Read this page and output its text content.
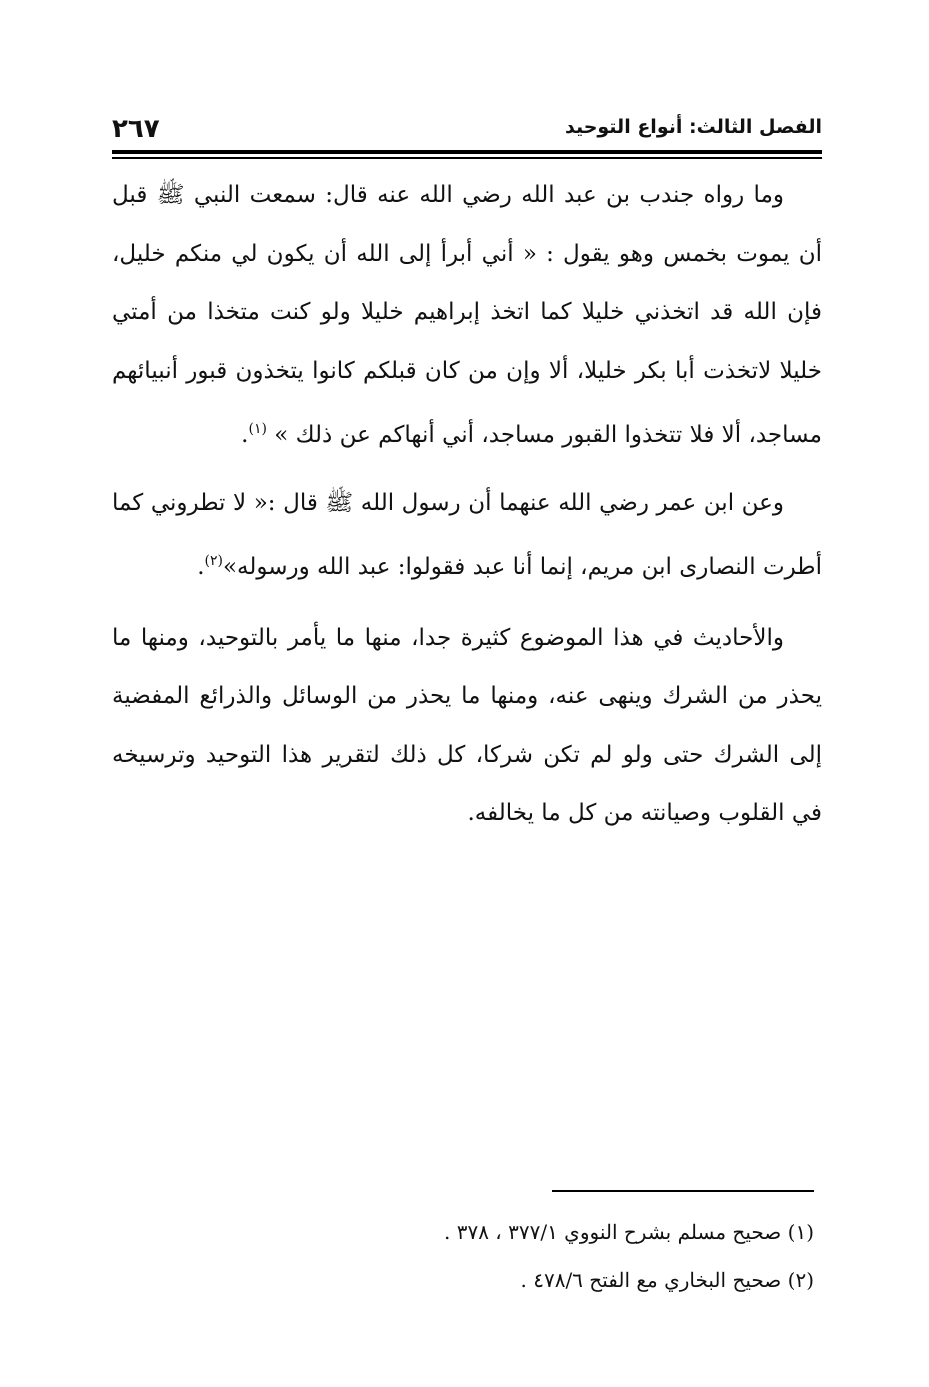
الفصل الثالث: أنواع التوحيد
٢٦٧

وما رواه جندب بن عبد الله رضي الله عنه قال: سمعت النبي ﷺ قبل أن يموت بخمس وهو يقول : « أني أبرأ إلى الله أن يكون لي منكم خليل، فإن الله قد اتخذني خليلا كما اتخذ إبراهيم خليلا ولو كنت متخذا من أمتي خليلا لاتخذت أبا بكر خليلا، ألا وإن من كان قبلكم كانوا يتخذون قبور أنبيائهم مساجد، ألا فلا تتخذوا القبور مساجد، أني أنهاكم عن ذلك » $^{(١)}$.

وعن ابن عمر رضي الله عنهما أن رسول الله ﷺ قال :« لا تطروني كما أطرت النصارى ابن مريم، إنما أنا عبد فقولوا: عبد الله ورسوله»$^{(٢)}$.

والأحاديث في هذا الموضوع كثيرة جدا، منها ما يأمر بالتوحيد، ومنها ما يحذر من الشرك وينهى عنه، ومنها ما يحذر من الوسائل والذرائع المفضية إلى الشرك حتى ولو لم تكن شركا، كل ذلك لتقرير هذا التوحيد وترسيخه في القلوب وصيانته من كل ما يخالفه.

(١) صحيح مسلم بشرح النووي ٣٧٧/١ ، ٣٧٨ .
(٢) صحيح البخاري مع الفتح ٤٧٨/٦ .
